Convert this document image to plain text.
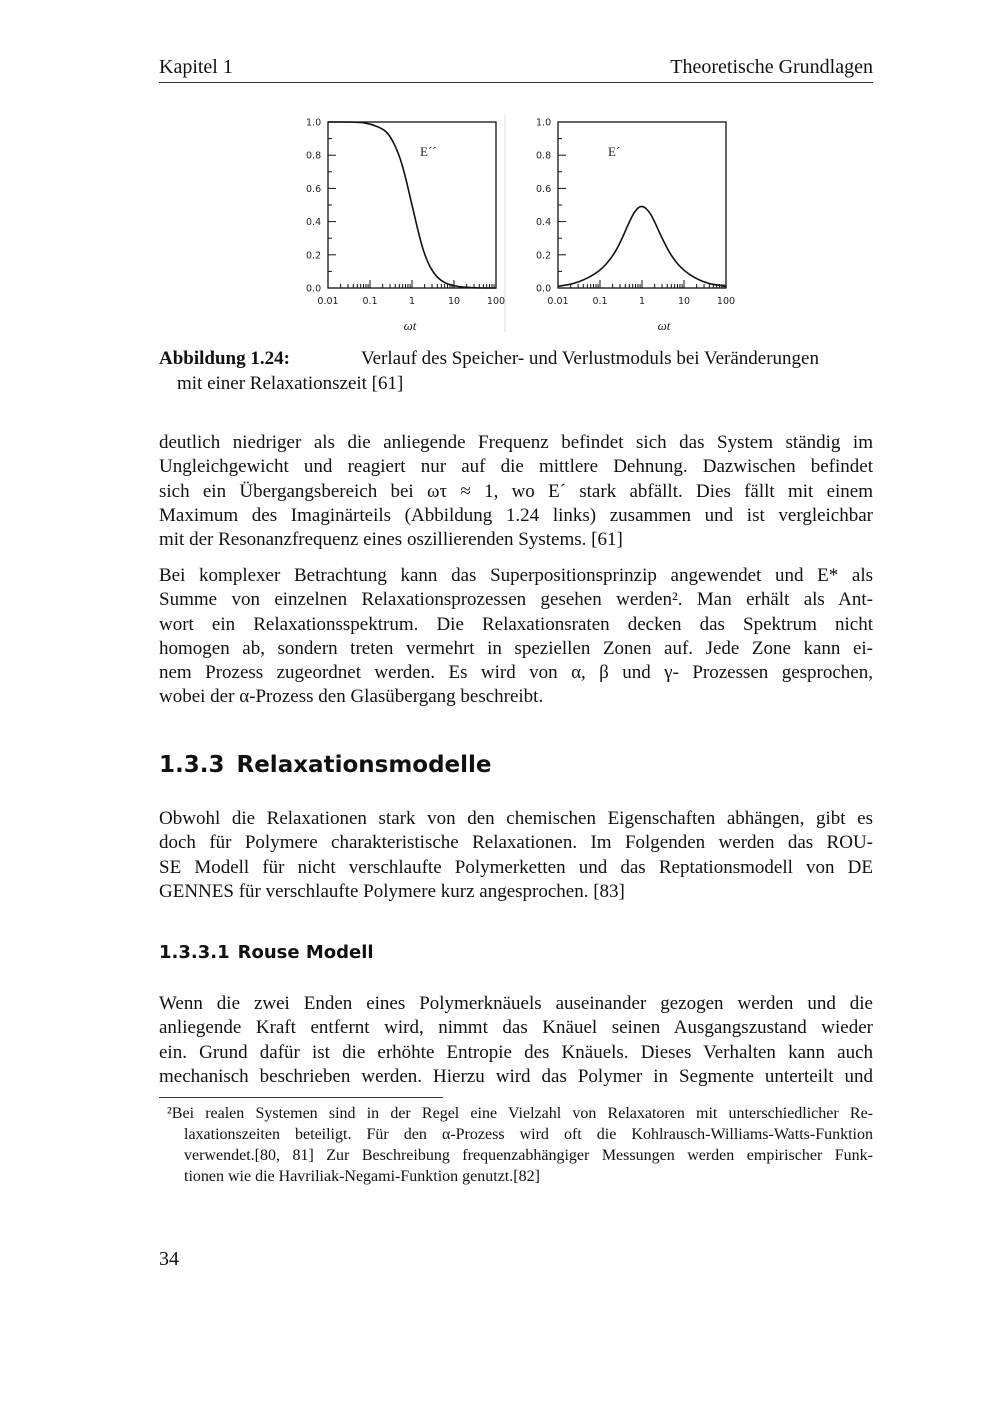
Kapitel 1	Theoretische Grundlagen
0.0
0.2
0.4
0.6
0.8
1.0
0.01	0.1	1	10	100
E´´
ωt
0.0
0.2
0.4
0.6
0.8
1.0
0.01	0.1	1	10	100
E´
ωt
Abbildung 1.24:	Verlauf des Speicher- und Verlustmoduls bei Veränderungen
mit einer Relaxationszeit [61]
deutlich niedriger als die anliegende Frequenz befindet sich das System ständig im
Ungleichgewicht und reagiert nur auf die mittlere Dehnung. Dazwischen befindet
sich ein Übergangsbereich bei ωτ ≈ 1, wo E´ stark abfällt. Dies fällt mit einem
Maximum des Imaginärteils (Abbildung 1.24 links) zusammen und ist vergleichbar
mit der Resonanzfrequenz eines oszillierenden Systems. [61]
Bei komplexer Betrachtung kann das Superpositionsprinzip angewendet und E* als
Summe von einzelnen Relaxationsprozessen gesehen werden². Man erhält als Ant-
wort ein Relaxationsspektrum. Die Relaxationsraten decken das Spektrum nicht
homogen ab, sondern treten vermehrt in speziellen Zonen auf. Jede Zone kann ei-
nem Prozess zugeordnet werden. Es wird von α, β und γ- Prozessen gesprochen,
wobei der α-Prozess den Glasübergang beschreibt.
1.3.3 Relaxationsmodelle
Obwohl die Relaxationen stark von den chemischen Eigenschaften abhängen, gibt es
doch für Polymere charakteristische Relaxationen. Im Folgenden werden das ROU-
SE Modell für nicht verschlaufte Polymerketten und das Reptationsmodell von DE
GENNES für verschlaufte Polymere kurz angesprochen. [83]
1.3.3.1 Rouse Modell
Wenn die zwei Enden eines Polymerknäuels auseinander gezogen werden und die
anliegende Kraft entfernt wird, nimmt das Knäuel seinen Ausgangszustand wieder
ein. Grund dafür ist die erhöhte Entropie des Knäuels. Dieses Verhalten kann auch
mechanisch beschrieben werden. Hierzu wird das Polymer in Segmente unterteilt und
²Bei realen Systemen sind in der Regel eine Vielzahl von Relaxatoren mit unterschiedlicher Re-
laxationszeiten beteiligt. Für den α-Prozess wird oft die Kohlrausch-Williams-Watts-Funktion
verwendet.[80, 81] Zur Beschreibung frequenzabhängiger Messungen werden empirischer Funk-
tionen wie die Havriliak-Negami-Funktion genutzt.[82]
34
